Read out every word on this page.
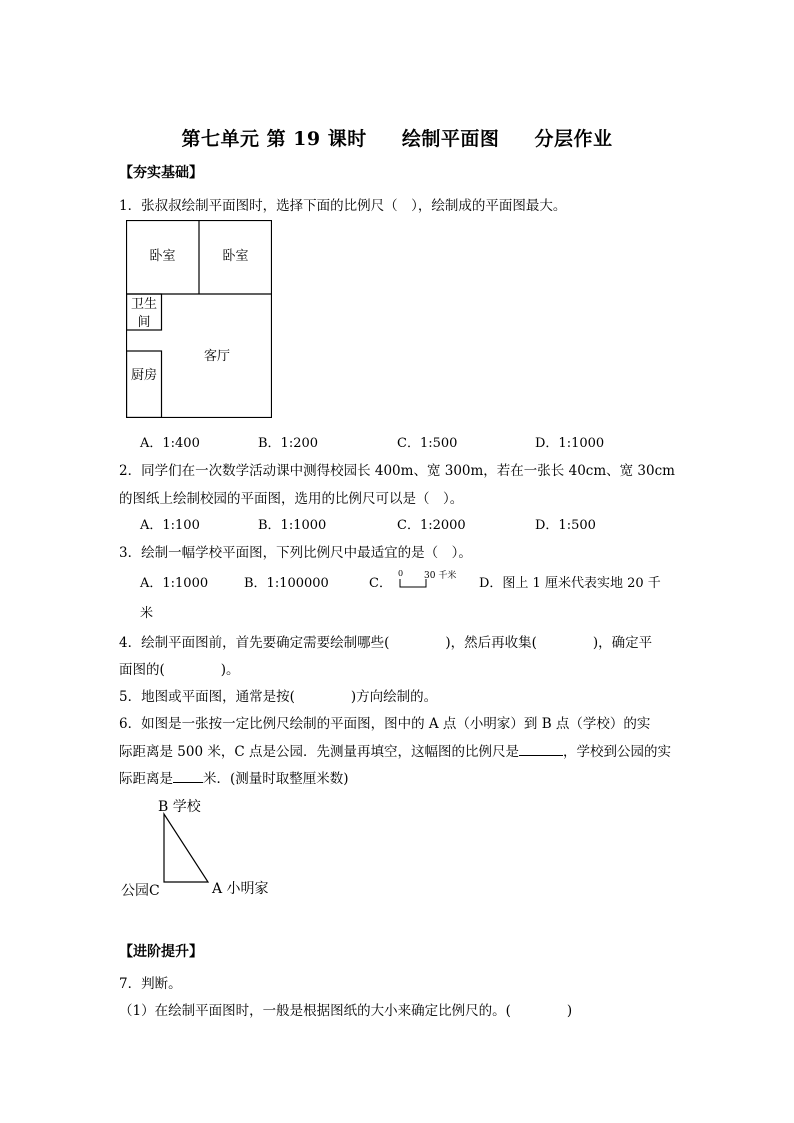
第七单元 第 19 课时 绘制平面图 分层作业
【夯实基础】
1．张叔叔绘制平面图时，选择下面的比例尺（　），绘制成的平面图最大。
卧室	卧室
卫生间
客厅
厨房
A．1:400	B．1:200	C．1:500	D．1:1000
2．同学们在一次数学活动课中测得校园长 400m、宽 300m，若在一张长 40cm、宽 30cm
的图纸上绘制校园的平面图，选用的比例尺可以是（　）。
A．1:100	B．1:1000	C．1:2000	D．1:500
3．绘制一幅学校平面图，下列比例尺中最适宜的是（　）。
A．1:1000	B．1:100000	C．
0 30 千米 D．图上 1 厘米代表实地 20 千
米
4．绘制平面图前，首先要确定需要绘制哪些(	)，然后再收集(	)，确定平
面图的(	)。
5．地图或平面图，通常是按(	)方向绘制的。
6．如图是一张按一定比例尺绘制的平面图，图中的 A 点（小明家）到 B 点（学校）的实
际距离是 500 米，C 点是公园．先测量再填空，这幅图的比例尺是	，学校到公园的实
际距离是 米．(测量时取整厘米数)
B 学校
公园C	A 小明家
【进阶提升】
7．判断。
（1）在绘制平面图时，一般是根据图纸的大小来确定比例尺的。(	)
